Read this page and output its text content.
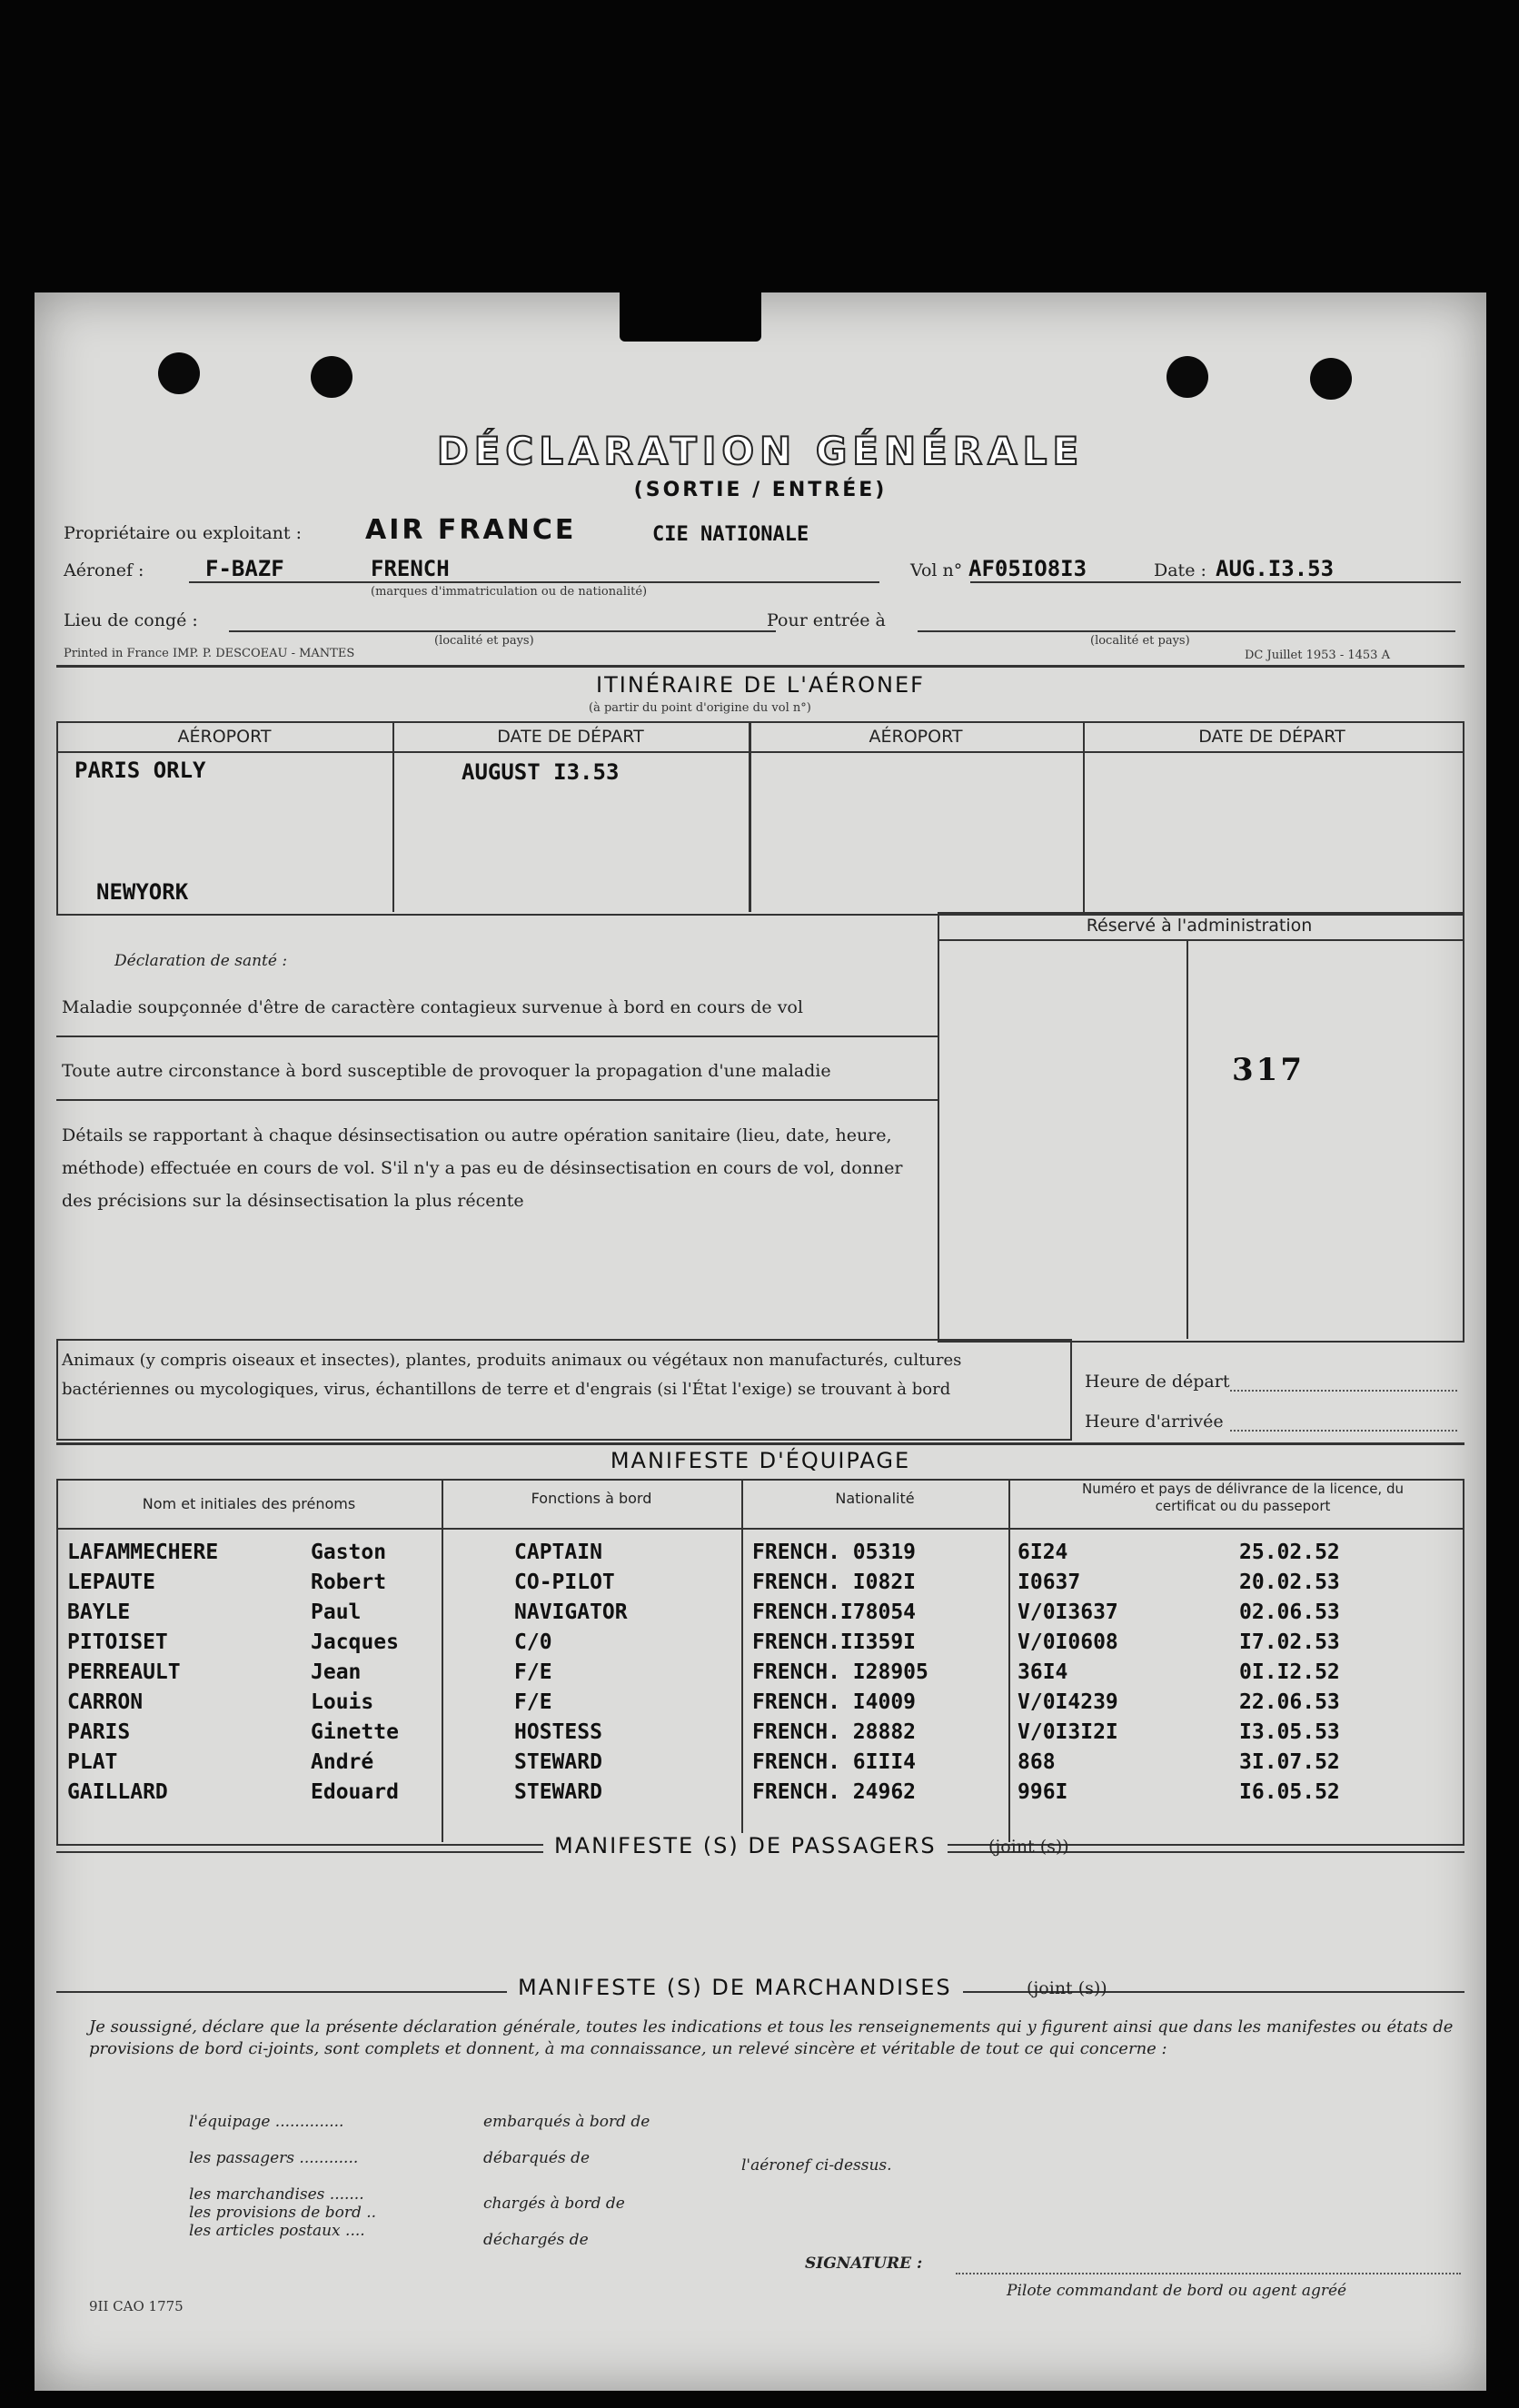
DÉCLARATION GÉNÉRALE
(SORTIE / ENTRÉE)
Propriétaire ou exploitant : AIR FRANCE	CIE NATIONALE
Aéronef :	F-BAZF	FRENCH
(marques d'immatriculation ou de nationalité)
Vol n° AF05IO8I3	Date : AUG.I3.53
Lieu de congé :
(localité et pays)
Pour entrée à
(localité et pays)
Printed in France IMP. P. DESCOEAU - MANTES	DC Juillet 1953 - 1453 A
ITINÉRAIRE DE L'AÉRONEF
(à partir du point d'origine du vol n°)
AÉROPORT	DATE DE DÉPART	AÉROPORT	DATE DE DÉPART
PARIS ORLY	AUGUST I3.53
NEWYORK
Réservé à l'administration
317
Déclaration de santé :
Maladie soupçonnée d'être de caractère contagieux survenue à bord en cours de vol
Toute autre circonstance à bord susceptible de provoquer la propagation d'une maladie
Détails se rapportant à chaque désinsectisation ou autre opération sanitaire (lieu, date, heure, méthode) effectuée en cours de vol. S'il n'y a pas eu de désinsectisation en cours de vol, donner des précisions sur la désinsectisation la plus récente
Animaux (y compris oiseaux et insectes), plantes, produits animaux ou végétaux non manufacturés, cultures bactériennes ou mycologiques, virus, échantillons de terre et d'engrais (si l'État l'exige) se trouvant à bord	Heure de départ
Heure d'arrivée
MANIFESTE D'ÉQUIPAGE
Nom et initiales des prénoms	Fonctions à bord	Nationalité
Numéro et pays de délivrance de la licence, du certificat ou du passeport
MANIFESTE (S) DE PASSAGERS	(joint (s))
MANIFESTE (S) DE MARCHANDISES	(joint (s))
Je soussigné, déclare que la présente déclaration générale, toutes les indications et tous les renseignements qui y figurent ainsi que dans les manifestes ou états de provisions de bord ci-joints, sont complets et donnent, à ma connaissance, un relevé sincère et véritable de tout ce qui concerne :
l'équipage ..............
les passagers ............
les marchandises .......
les provisions de bord ..
les articles postaux ....
embarqués à bord de
débarqués de
chargés à bord de
déchargés de
l'aéronef ci-dessus.
SIGNATURE :
Pilote commandant de bord ou agent agréé
9II CAO 1775
LAFAMMECHERE	Gaston	CAPTAIN	FRENCH. 05319	6I24	25.02.52
LEPAUTE	Robert	CO-PILOT	FRENCH. I082I	I0637	20.02.53
BAYLE	Paul	NAVIGATOR	FRENCH.I78054	V/0I3637	02.06.53
PITOISET	Jacques	C/0	FRENCH.II359I	V/0I0608	I7.02.53
PERREAULT	Jean	F/E	FRENCH. I28905	36I4	0I.I2.52
CARRON	Louis	F/E	FRENCH. I4009	V/0I4239	22.06.53
PARIS	Ginette	HOSTESS	FRENCH. 28882	V/0I3I2I	I3.05.53
PLAT	André	STEWARD	FRENCH. 6III4	868	3I.07.52
GAILLARD	Edouard	STEWARD	FRENCH. 24962	996I	I6.05.52
